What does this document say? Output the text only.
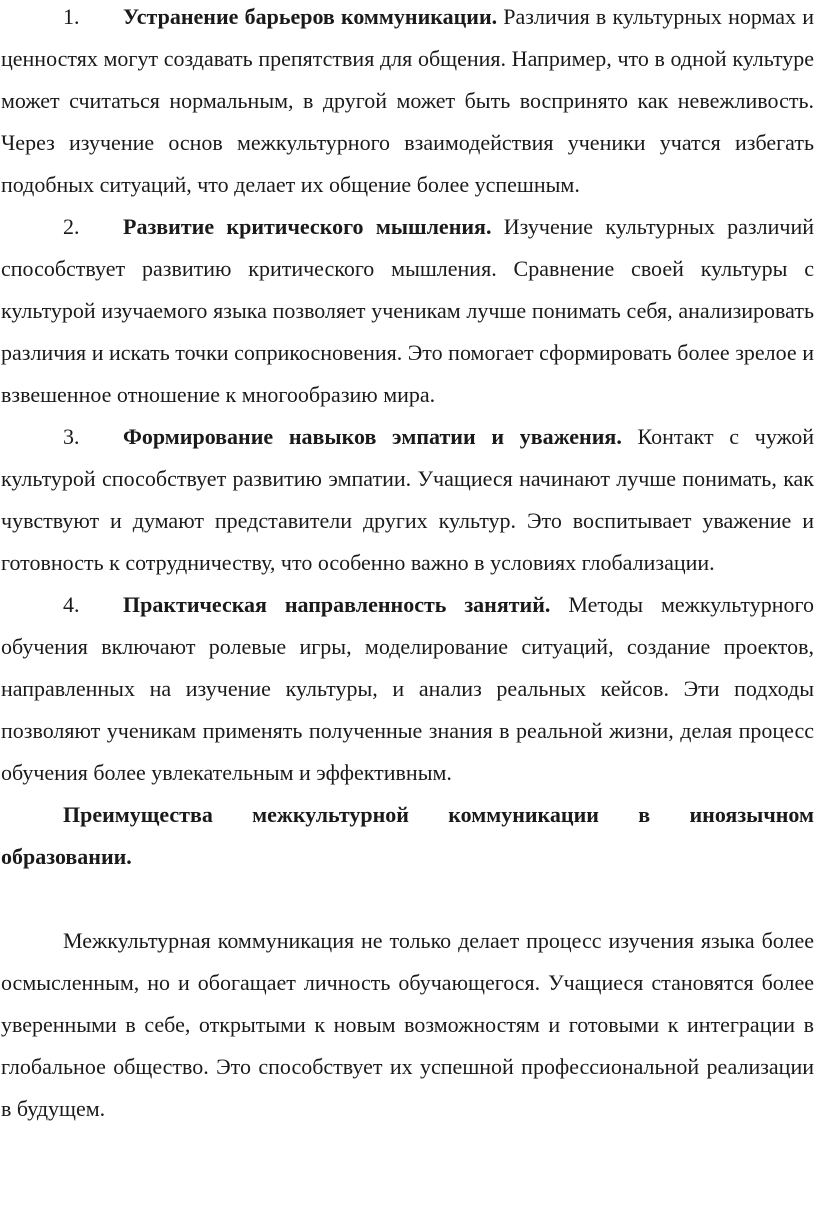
1. Устранение барьеров коммуникации. Различия в культурных нормах и ценностях могут создавать препятствия для общения. Например, что в одной культуре может считаться нормальным, в другой может быть воспринято как невежливость. Через изучение основ межкультурного взаимодействия ученики учатся избегать подобных ситуаций, что делает их общение более успешным.

2. Развитие критического мышления. Изучение культурных различий способствует развитию критического мышления. Сравнение своей культуры с культурой изучаемого языка позволяет ученикам лучше понимать себя, анализировать различия и искать точки соприкосновения. Это помогает сформировать более зрелое и взвешенное отношение к многообразию мира.

3. Формирование навыков эмпатии и уважения. Контакт с чужой культурой способствует развитию эмпатии. Учащиеся начинают лучше понимать, как чувствуют и думают представители других культур. Это воспитывает уважение и готовность к сотрудничеству, что особенно важно в условиях глобализации.

4. Практическая направленность занятий. Методы межкультурного обучения включают ролевые игры, моделирование ситуаций, создание проектов, направленных на изучение культуры, и анализ реальных кейсов. Эти подходы позволяют ученикам применять полученные знания в реальной жизни, делая процесс обучения более увлекательным и эффективным.

Преимущества межкультурной коммуникации в иноязычном образовании.

Межкультурная коммуникация не только делает процесс изучения языка более осмысленным, но и обогащает личность обучающегося. Учащиеся становятся более уверенными в себе, открытыми к новым возможностям и готовыми к интеграции в глобальное общество. Это способствует их успешной профессиональной реализации в будущем.
